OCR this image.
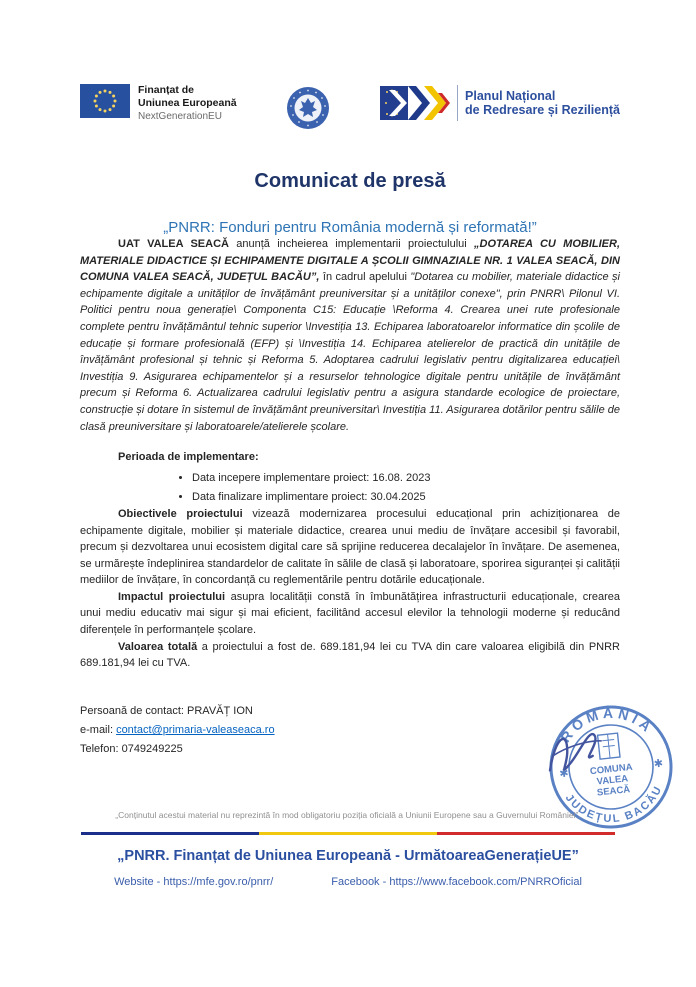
Finanțat de
Uniunea Europeană
NextGenerationEU
Planul Național
de Redresare și Reziliență
Comunicat de presă
„PNRR: Fonduri pentru România modernă și reformată!”

UAT VALEA SEACĂ anunță incheierea implementarii proiectulului „DOTAREA CU MOBILIER, MATERIALE DIDACTICE ȘI ECHIPAMENTE DIGITALE A ȘCOLII GIMNAZIALE NR. 1 VALEA SEACĂ, DIN COMUNA VALEA SEACĂ, JUDEȚUL BACĂU”, în cadrul apelului "Dotarea cu mobilier, materiale didactice și echipamente digitale a unităților de învățământ preuniversitar și a unităților conexe", prin PNRR\ Pilonul VI. Politici pentru noua generație\ Componenta C15: Educație \Reforma 4. Crearea unei rute profesionale complete pentru învățământul tehnic superior \Investiția 13. Echiparea laboratoarelor informatice din școlile de educație și formare profesională (EFP) și \Investiția 14. Echiparea atelierelor de practică din unitățile de învățământ profesional și tehnic și Reforma 5. Adoptarea cadrului legislativ pentru digitalizarea educației\ Investiția 9. Asigurarea echipamentelor și a resurselor tehnologice digitale pentru unitățile de învățământ precum și Reforma 6. Actualizarea cadrului legislativ pentru a asigura standarde ecologice de proiectare, construcție și dotare în sistemul de învățământ preuniversitar\ Investiția 11. Asigurarea dotărilor pentru sălile de clasă preuniversitare și laboratoarele/atelierele școlare.

Perioada de implementare:
• Data incepere implementare proiect: 16.08. 2023
• Data finalizare implimentare proiect: 30.04.2025

Obiectivele proiectului vizează modernizarea procesului educațional prin achiziționarea de echipamente digitale, mobilier și materiale didactice, crearea unui mediu de învățare accesibil și favorabil, precum și dezvoltarea unui ecosistem digital care să sprijine reducerea decalajelor în învățare. De asemenea, se urmărește îndeplinirea standardelor de calitate în sălile de clasă și laboratoare, sporirea siguranței și calității mediilor de învățare, în concordanță cu reglementările pentru dotările educaționale.

Impactul proiectului asupra localității constă în îmbunătățirea infrastructurii educaționale, crearea unui mediu educativ mai sigur și mai eficient, facilitând accesul elevilor la tehnologii moderne și reducând diferențele în performanțele școlare.

Valoarea totală a proiectului a fost de. 689.181,94 lei cu TVA din care valoarea eligibilă din PNRR 689.181,94 lei cu TVA.

Persoană de contact: PRAVĂȚ ION
e-mail: contact@primaria-valeaseaca.ro
Telefon: 0749249225
ROMÂNIA
JUDEȚUL BACĂU
✱
✱
COMUNA
VALEA
SEACĂ
„Conținutul acestui material nu reprezintă în mod obligatoriu poziția oficială a Uniunii Europene sau a Guvernului României”.
„PNRR. Finanțat de Uniunea Europeană - UrmătoareaGenerațieUE”
Website - https://mfe.gov.ro/pnrr/	Facebook - https://www.facebook.com/PNRROficial
